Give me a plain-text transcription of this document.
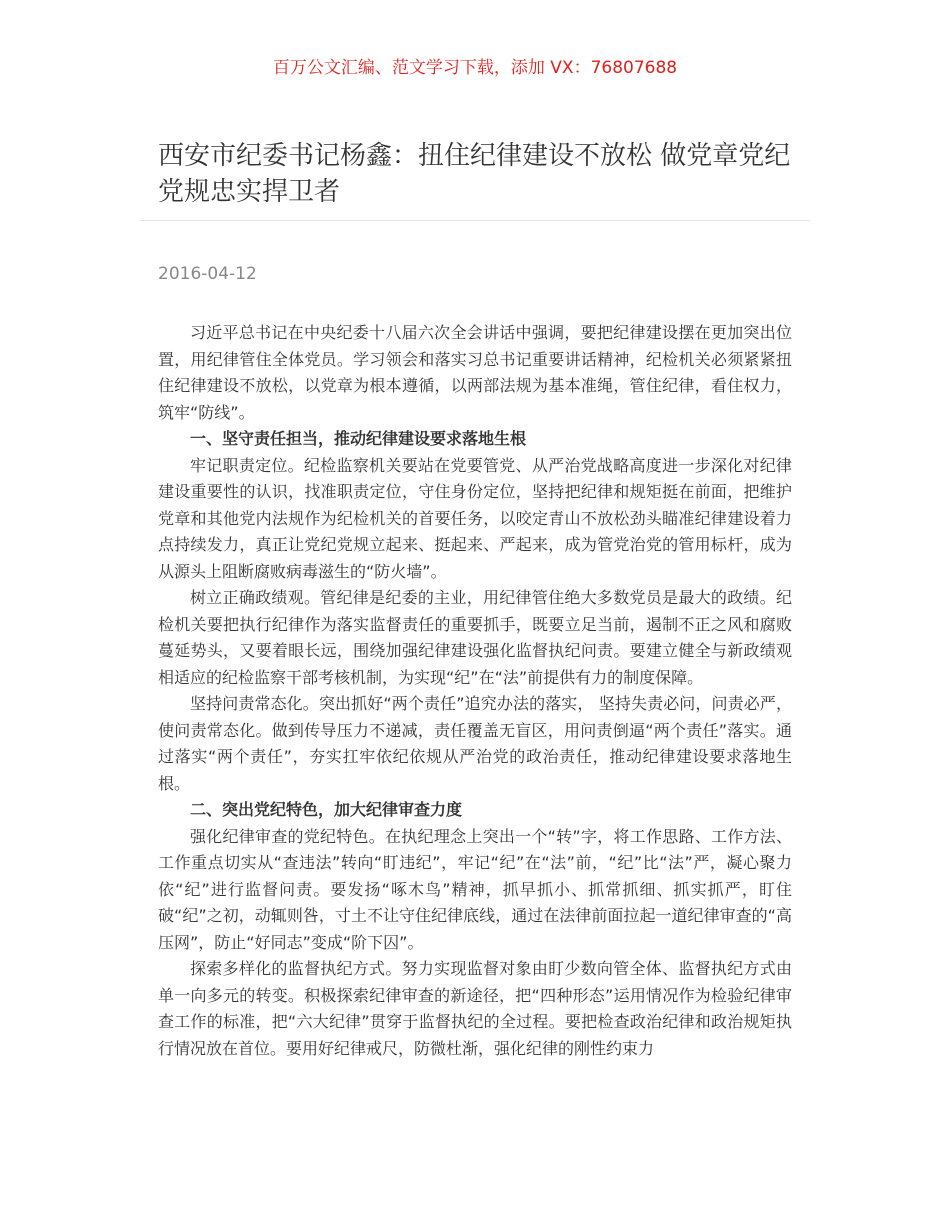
百万公文汇编、范文学习下载，添加 VX：76807688
西安市纪委书记杨鑫：扭住纪律建设不放松 做党章党纪党规忠实捍卫者
2016-04-12

习近平总书记在中央纪委十八届六次全会讲话中强调，要把纪律建设摆在更加突出位置，用纪律管住全体党员。学习领会和落实习总书记重要讲话精神，纪检机关必须紧紧扭住纪律建设不放松，以党章为根本遵循，以两部法规为基本准绳，管住纪律，看住权力，筑牢“防线”。

一、坚守责任担当，推动纪律建设要求落地生根

牢记职责定位。纪检监察机关要站在党要管党、从严治党战略高度进一步深化对纪律建设重要性的认识，找准职责定位，守住身份定位，坚持把纪律和规矩挺在前面，把维护党章和其他党内法规作为纪检机关的首要任务，以咬定青山不放松劲头瞄准纪律建设着力点持续发力，真正让党纪党规立起来、挺起来、严起来，成为管党治党的管用标杆，成为从源头上阻断腐败病毒滋生的“防火墙”。

树立正确政绩观。管纪律是纪委的主业，用纪律管住绝大多数党员是最大的政绩。纪检机关要把执行纪律作为落实监督责任的重要抓手，既要立足当前，遏制不正之风和腐败蔓延势头，又要着眼长远，围绕加强纪律建设强化监督执纪问责。要建立健全与新政绩观相适应的纪检监察干部考核机制，为实现“纪”在“法”前提供有力的制度保障。

坚持问责常态化。突出抓好“两个责任”追究办法的落实， 坚持失责必问，问责必严，使问责常态化。做到传导压力不递减，责任覆盖无盲区，用问责倒逼“两个责任”落实。通过落实“两个责任”，夯实扛牢依纪依规从严治党的政治责任，推动纪律建设要求落地生根。

二、突出党纪特色，加大纪律审查力度

强化纪律审查的党纪特色。在执纪理念上突出一个“转”字，将工作思路、工作方法、工作重点切实从“查违法”转向“盯违纪”，牢记“纪”在“法”前，“纪”比“法”严，凝心聚力依“纪”进行监督问责。要发扬“啄木鸟”精神，抓早抓小、抓常抓细、抓实抓严，盯住破“纪”之初，动辄则咎，寸土不让守住纪律底线，通过在法律前面拉起一道纪律审查的“高压网”，防止“好同志”变成“阶下囚”。

探索多样化的监督执纪方式。努力实现监督对象由盯少数向管全体、监督执纪方式由单一向多元的转变。积极探索纪律审查的新途径，把“四种形态”运用情况作为检验纪律审查工作的标准，把“六大纪律”贯穿于监督执纪的全过程。要把检查政治纪律和政治规矩执行情况放在首位。要用好纪律戒尺，防微杜渐，强化纪律的刚性约束力
